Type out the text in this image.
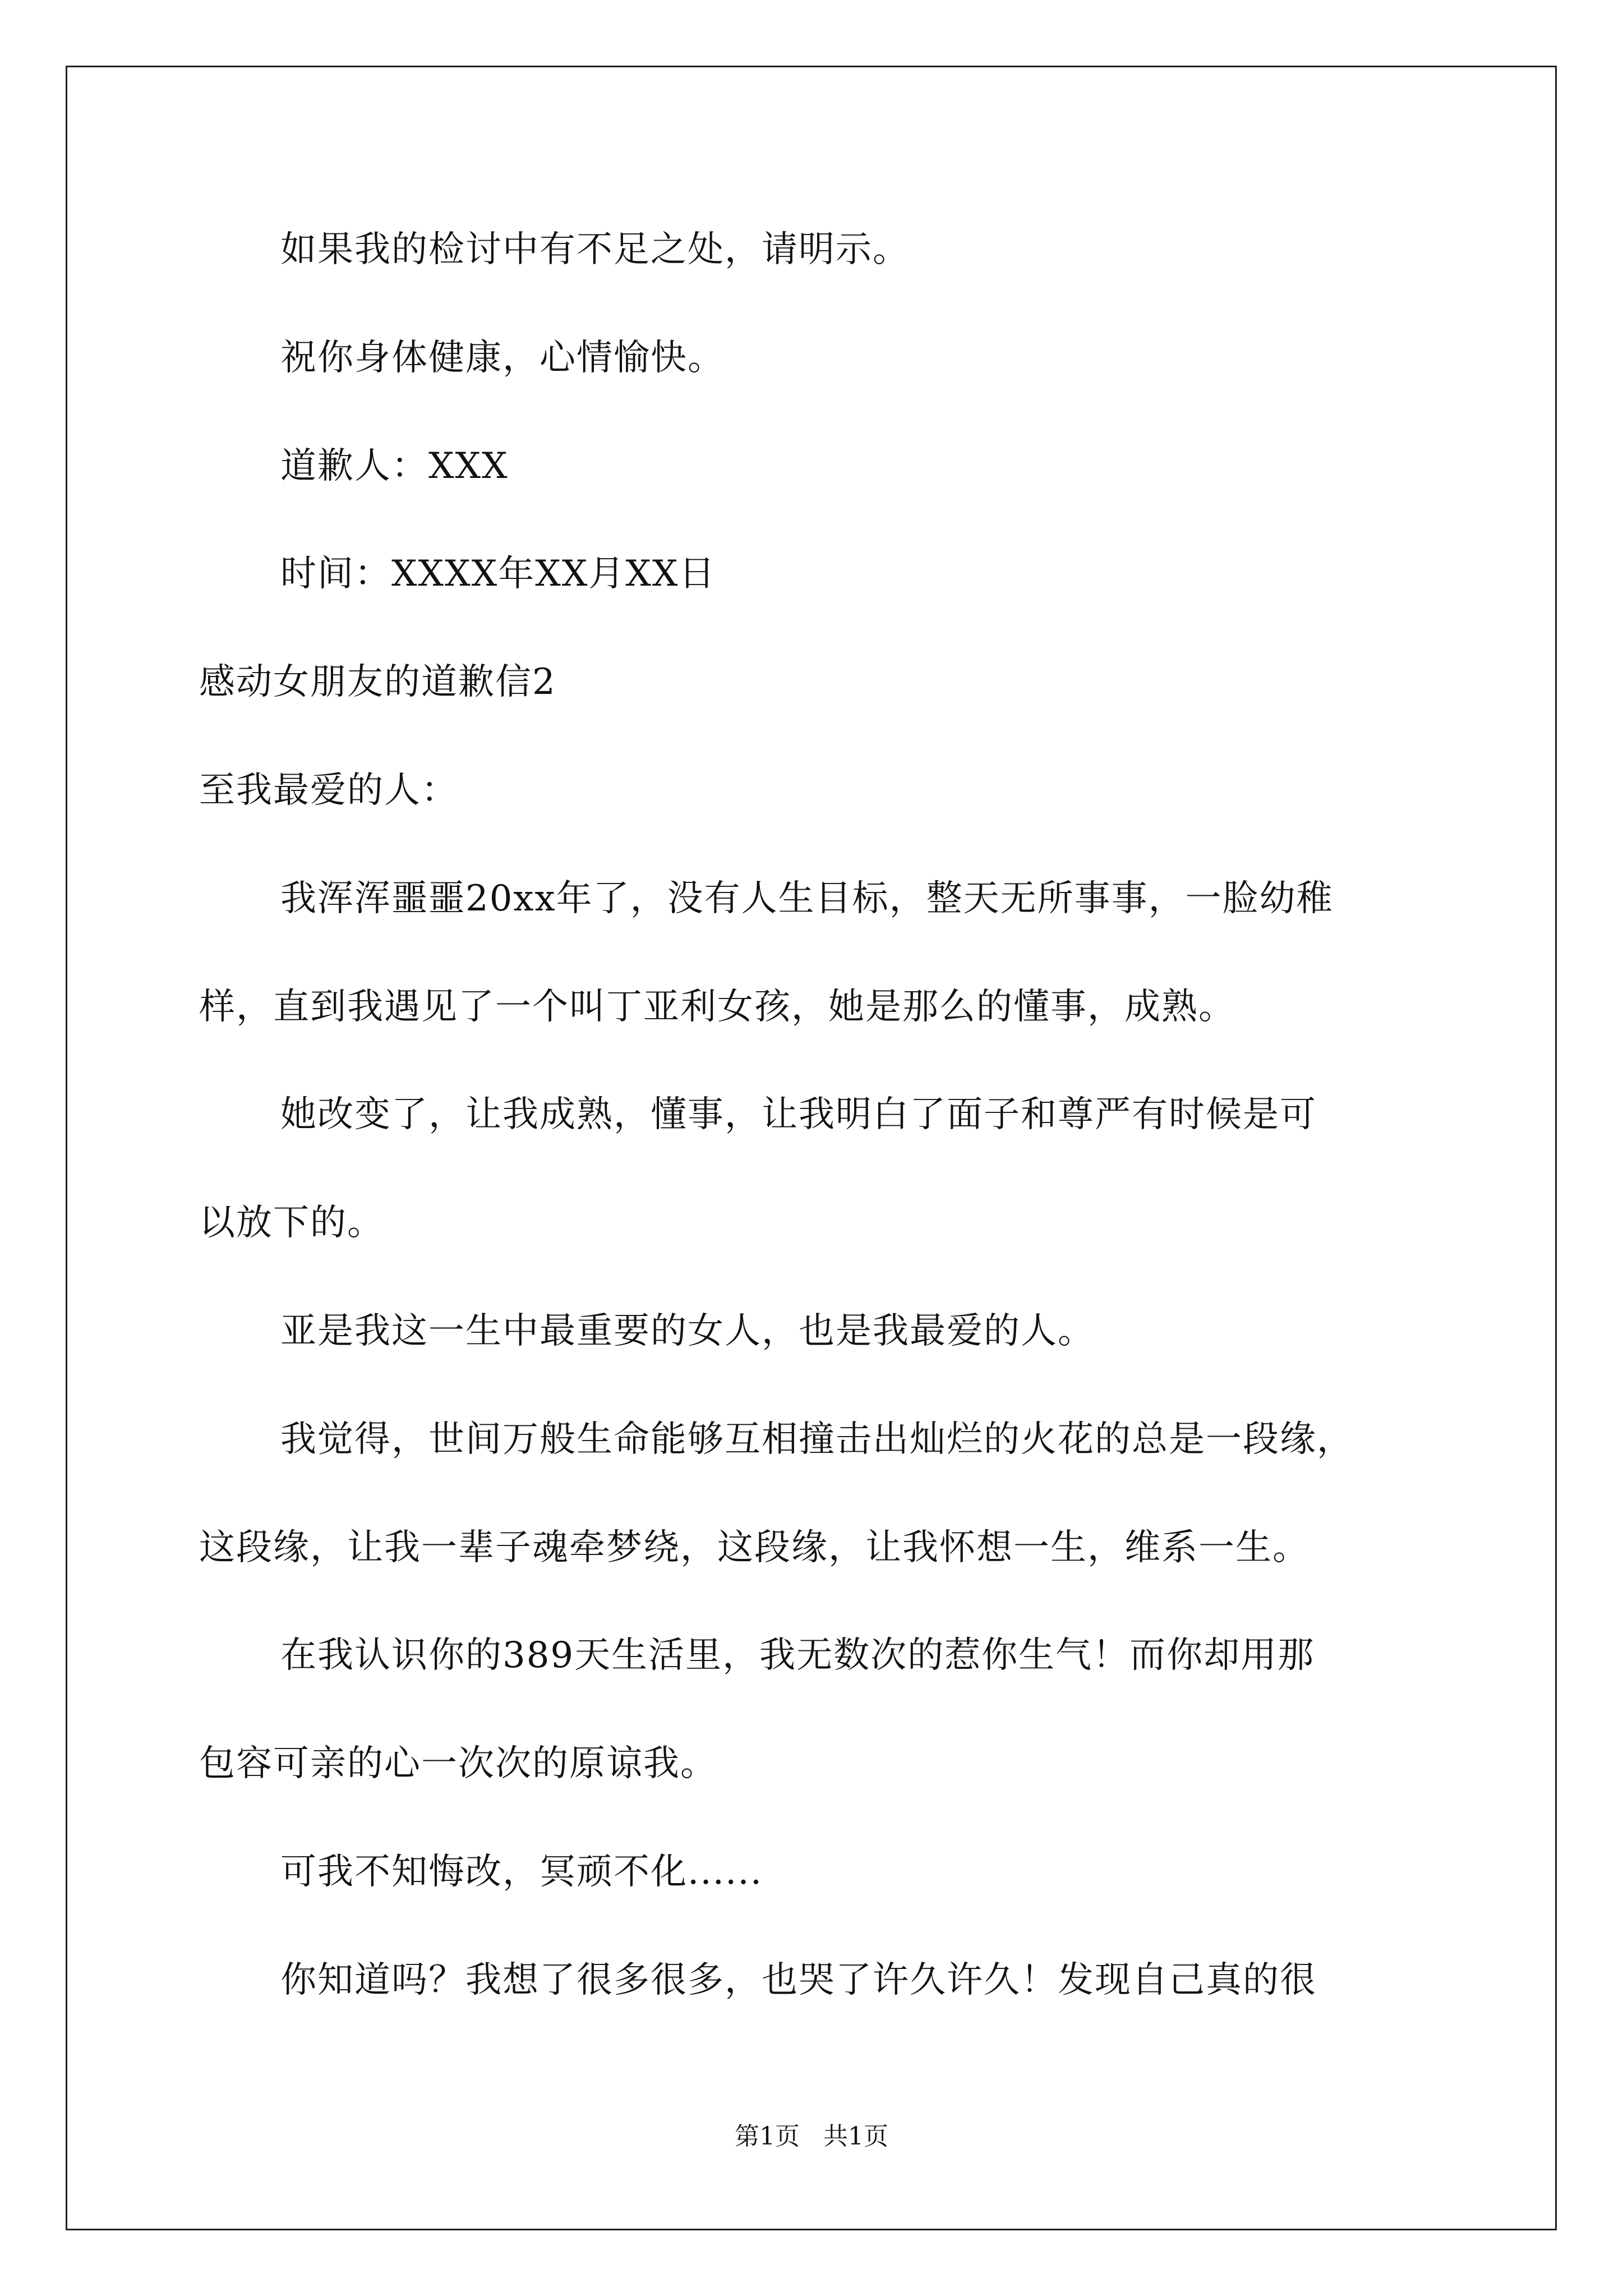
如果我的检讨中有不足之处，请明示。
祝你身体健康，心情愉快。
道歉人：XXX
时间：XXXX年XX月XX日
感动女朋友的道歉信2
至我最爱的人：
我浑浑噩噩20xx年了，没有人生目标，整天无所事事，一脸幼稚
样，直到我遇见了一个叫丁亚利女孩，她是那么的懂事，成熟。
她改变了，让我成熟，懂事，让我明白了面子和尊严有时候是可
以放下的。
亚是我这一生中最重要的女人，也是我最爱的人。
我觉得，世间万般生命能够互相撞击出灿烂的火花的总是一段缘，
这段缘，让我一辈子魂牵梦绕，这段缘，让我怀想一生，维系一生。
在我认识你的389天生活里，我无数次的惹你生气！而你却用那
包容可亲的心一次次的原谅我。
可我不知悔改，冥顽不化......
你知道吗？我想了很多很多，也哭了许久许久！发现自己真的很
第1页   共1页
